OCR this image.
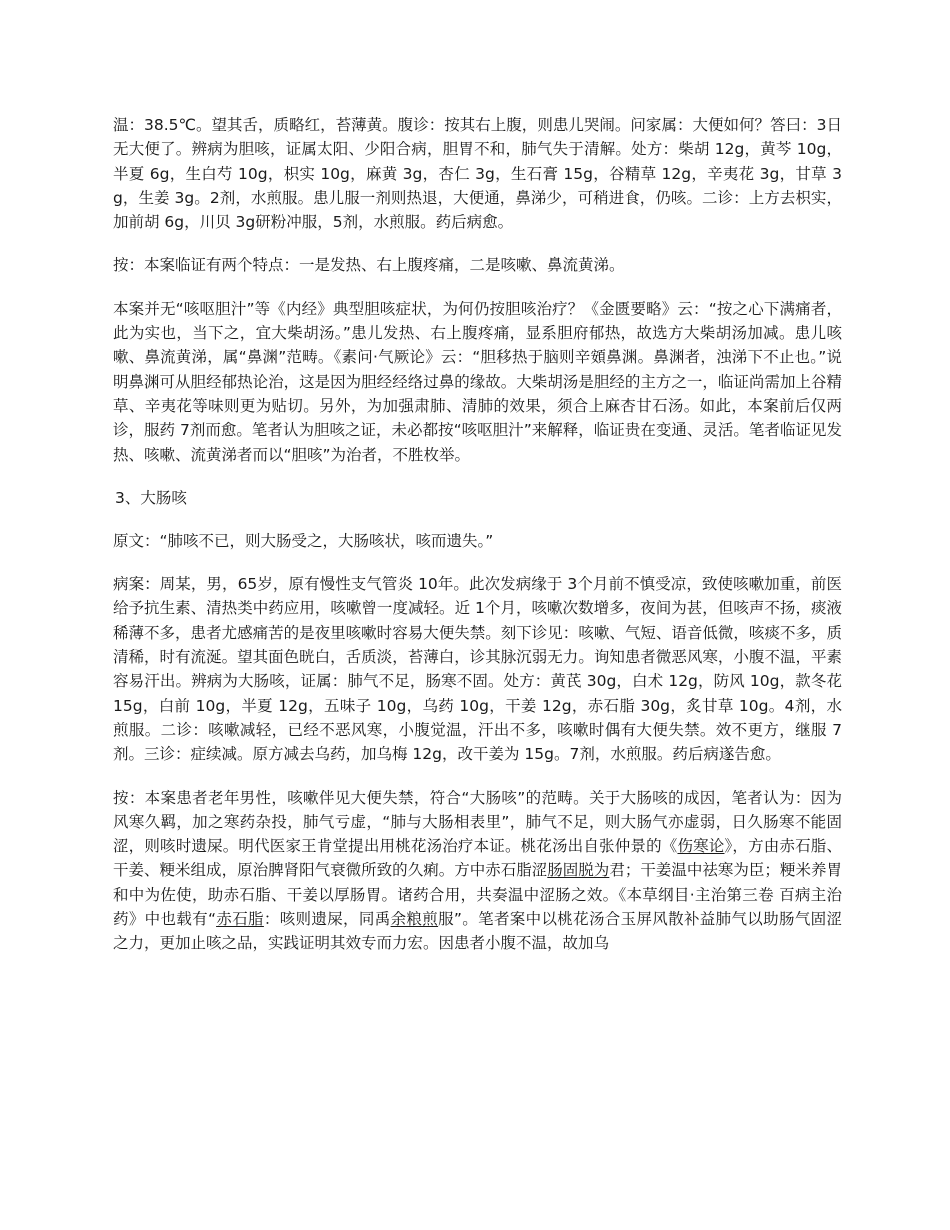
温：38.5℃。望其舌，质略红，苔薄黄。腹诊：按其右上腹，则患儿哭闹。问家属：大便如何？答曰：3日无大便了。辨病为胆咳，证属太阳、少阳合病，胆胃不和，肺气失于清解。处方：柴胡 12g，黄芩 10g，半夏 6g，生白芍 10g，枳实 10g，麻黄 3g，杏仁 3g，生石膏 15g，谷精草 12g，辛夷花 3g，甘草 3g，生姜 3g。2剂，水煎服。患儿服一剂则热退，大便通，鼻涕少，可稍进食，仍咳。二诊：上方去枳实，加前胡 6g，川贝 3g研粉冲服，5剂，水煎服。药后病愈。

按：本案临证有两个特点：一是发热、右上腹疼痛，二是咳嗽、鼻流黄涕。

本案并无“咳呕胆汁”等《内经》典型胆咳症状，为何仍按胆咳治疗？《金匮要略》云：“按之心下满痛者，此为实也，当下之，宜大柴胡汤。”患儿发热、右上腹疼痛，显系胆府郁热，故选方大柴胡汤加减。患儿咳嗽、鼻流黄涕，属“鼻渊”范畴。《素问·气厥论》云：“胆移热于脑则辛頞鼻渊。鼻渊者，浊涕下不止也。”说明鼻渊可从胆经郁热论治，这是因为胆经经络过鼻的缘故。大柴胡汤是胆经的主方之一，临证尚需加上谷精草、辛夷花等味则更为贴切。另外，为加强肃肺、清肺的效果，须合上麻杏甘石汤。如此，本案前后仅两诊，服药 7剂而愈。笔者认为胆咳之证，未必都按“咳呕胆汁”来解释，临证贵在变通、灵活。笔者临证见发热、咳嗽、流黄涕者而以“胆咳”为治者，不胜枚举。

3、大肠咳

原文：“肺咳不已，则大肠受之，大肠咳状，咳而遗失。”

病案：周某，男，65岁，原有慢性支气管炎 10年。此次发病缘于 3个月前不慎受凉，致使咳嗽加重，前医给予抗生素、清热类中药应用，咳嗽曾一度减轻。近 1个月，咳嗽次数增多，夜间为甚，但咳声不扬，痰液稀薄不多，患者尤感痛苦的是夜里咳嗽时容易大便失禁。刻下诊见：咳嗽、气短、语音低微，咳痰不多，质清稀，时有流涎。望其面色晄白，舌质淡，苔薄白，诊其脉沉弱无力。询知患者微恶风寒，小腹不温，平素容易汗出。辨病为大肠咳，证属：肺气不足，肠寒不固。处方：黄芪 30g，白术 12g，防风 10g，款冬花 15g，白前 10g，半夏 12g，五味子 10g，乌药 10g，干姜 12g，赤石脂 30g，炙甘草 10g。4剂，水煎服。二诊：咳嗽减轻，已经不恶风寒，小腹觉温，汗出不多，咳嗽时偶有大便失禁。效不更方，继服 7剂。三诊：症续减。原方减去乌药，加乌梅 12g，改干姜为 15g。7剂，水煎服。药后病遂告愈。

按：本案患者老年男性，咳嗽伴见大便失禁，符合“大肠咳”的范畴。关于大肠咳的成因，笔者认为：因为风寒久羁，加之寒药杂投，肺气亏虚，“肺与大肠相表里”，肺气不足，则大肠气亦虚弱，日久肠寒不能固涩，则咳时遗屎。明代医家王肯堂提出用桃花汤治疗本证。桃花汤出自张仲景的《伤寒论》，方由赤石脂、干姜、粳米组成，原治脾肾阳气衰微所致的久痢。方中赤石脂涩肠固脱为君；干姜温中祛寒为臣；粳米养胃和中为佐使，助赤石脂、干姜以厚肠胃。诸药合用，共奏温中涩肠之效。《本草纲目·主治第三卷 百病主治药》中也载有“赤石脂：咳则遗屎，同禹余粮煎服”。笔者案中以桃花汤合玉屏风散补益肺气以助肠气固涩之力，更加止咳之品，实践证明其效专而力宏。因患者小腹不温，故加乌
